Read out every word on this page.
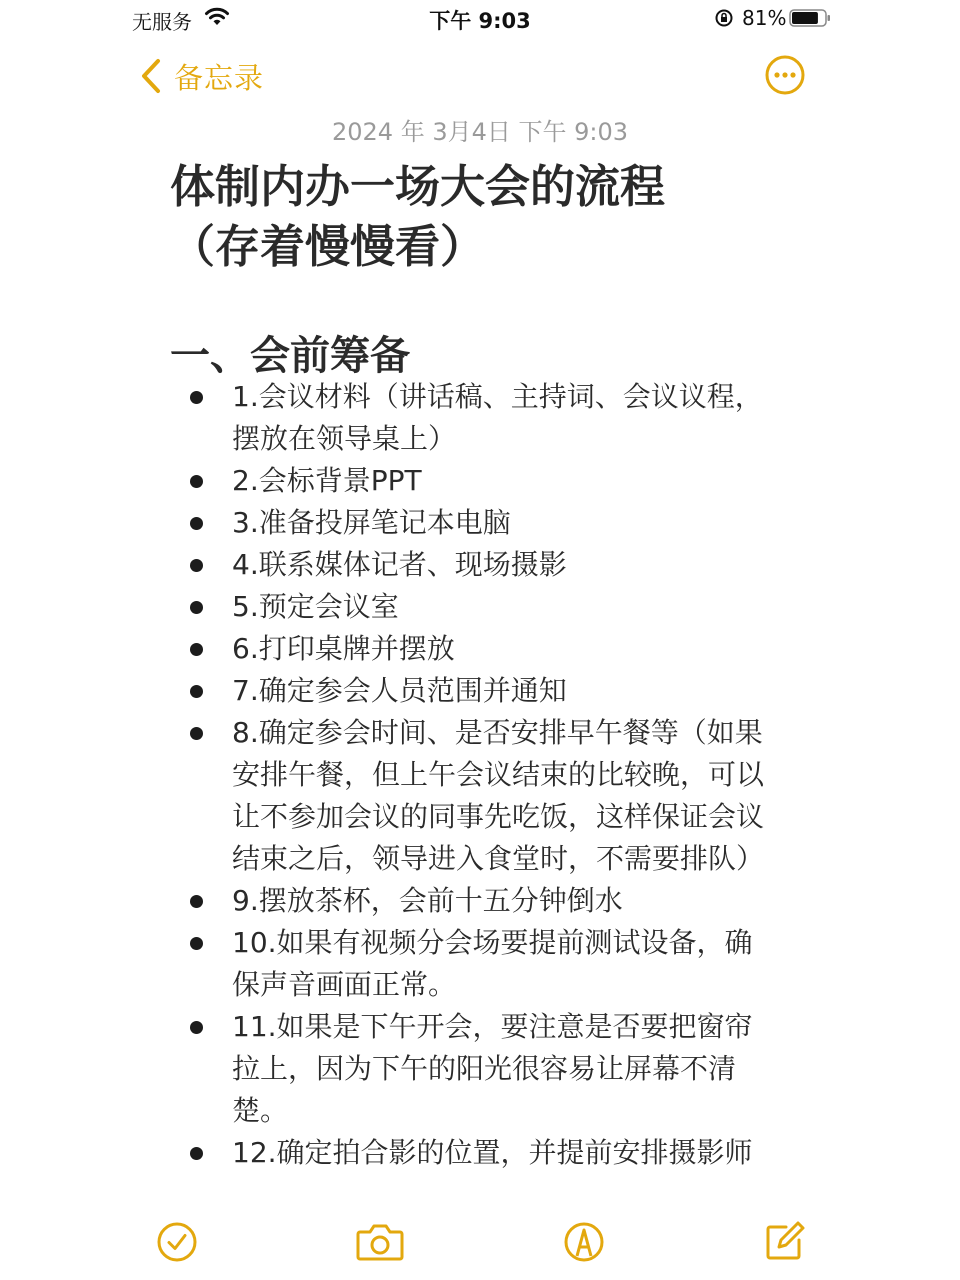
无服务	下午 9:03	81%
备忘录
2024 年 3月4日 下午 9:03
体制内办一场大会的流程
（存着慢慢看）
一、会前筹备
1.会议材料（讲话稿、主持词、会议议程，摆放在领导桌上）
2.会标背景PPT
3.准备投屏笔记本电脑
4.联系媒体记者、现场摄影
5.预定会议室
6.打印桌牌并摆放
7.确定参会人员范围并通知
8.确定参会时间、是否安排早午餐等（如果安排午餐，但上午会议结束的比较晚，可以让不参加会议的同事先吃饭，这样保证会议结束之后，领导进入食堂时，不需要排队）
9.摆放茶杯，会前十五分钟倒水
10.如果有视频分会场要提前测试设备，确保声音画面正常。
11.如果是下午开会，要注意是否要把窗帘拉上，因为下午的阳光很容易让屏幕不清楚。
12.确定拍合影的位置，并提前安排摄影师
